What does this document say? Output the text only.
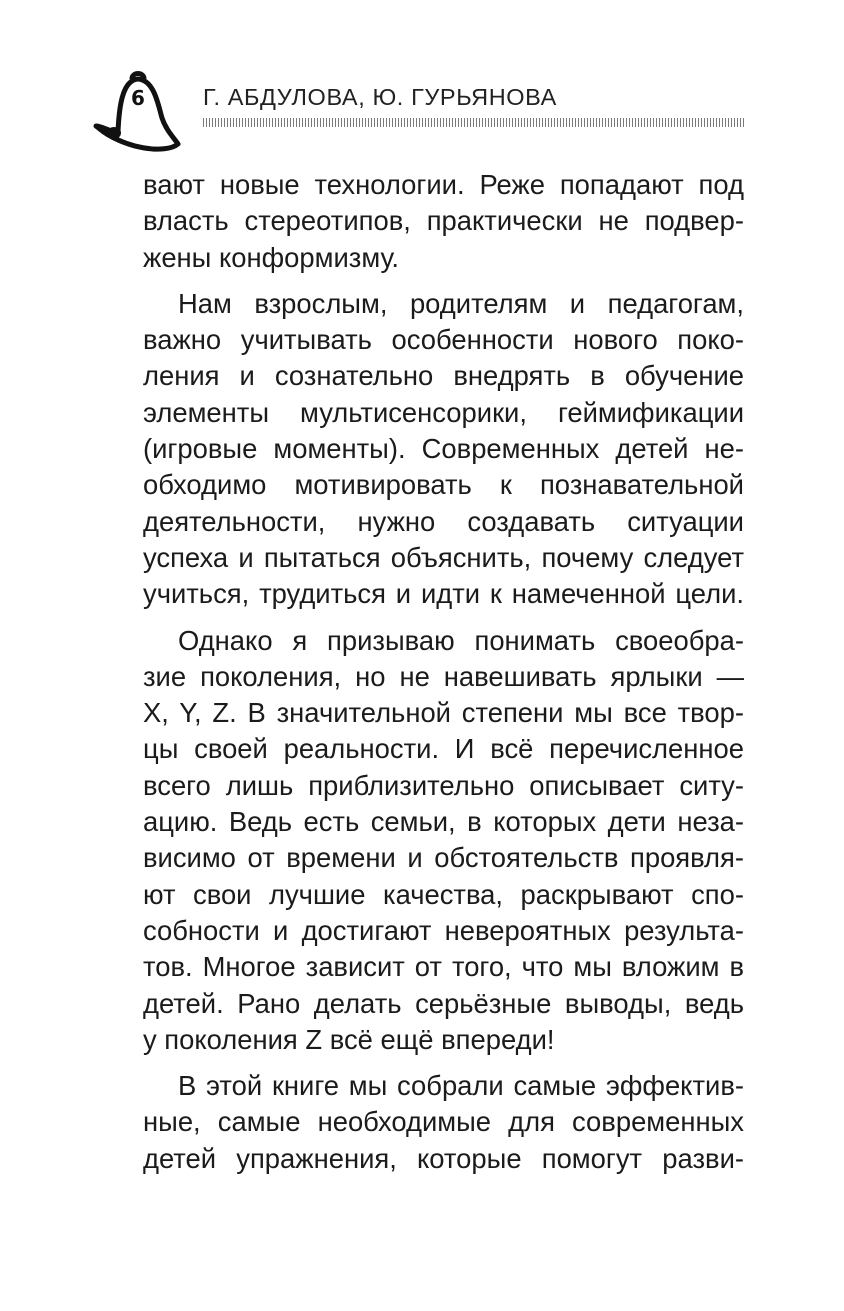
6	Г. АБДУЛОВА, Ю. ГУРЬЯНОВА
вают новые технологии. Реже попадают под
власть стереотипов, практически не подвер-
жены конформизму.
Нам взрослым, родителям и педагогам,
важно учитывать особенности нового поко-
ления и сознательно внедрять в обучение
элементы мультисенсорики, геймификации
(игровые моменты). Современных детей не-
обходимо мотивировать к познавательной
деятельности, нужно создавать ситуации
успеха и пытаться объяснить, почему следует
учиться, трудиться и идти к намеченной цели.
Однако я призываю понимать своеобра-
зие поколения, но не навешивать ярлыки —
X, Y, Z. В значительной степени мы все твор-
цы своей реальности. И всё перечисленное
всего лишь приблизительно описывает ситу-
ацию. Ведь есть семьи, в которых дети неза-
висимо от времени и обстоятельств проявля-
ют свои лучшие качества, раскрывают спо-
собности и достигают невероятных результа-
тов. Многое зависит от того, что мы вложим в
детей. Рано делать серьёзные выводы, ведь
у поколения Z всё ещё впереди!
В этой книге мы собрали самые эффектив-
ные, самые необходимые для современных
детей упражнения, которые помогут разви-
